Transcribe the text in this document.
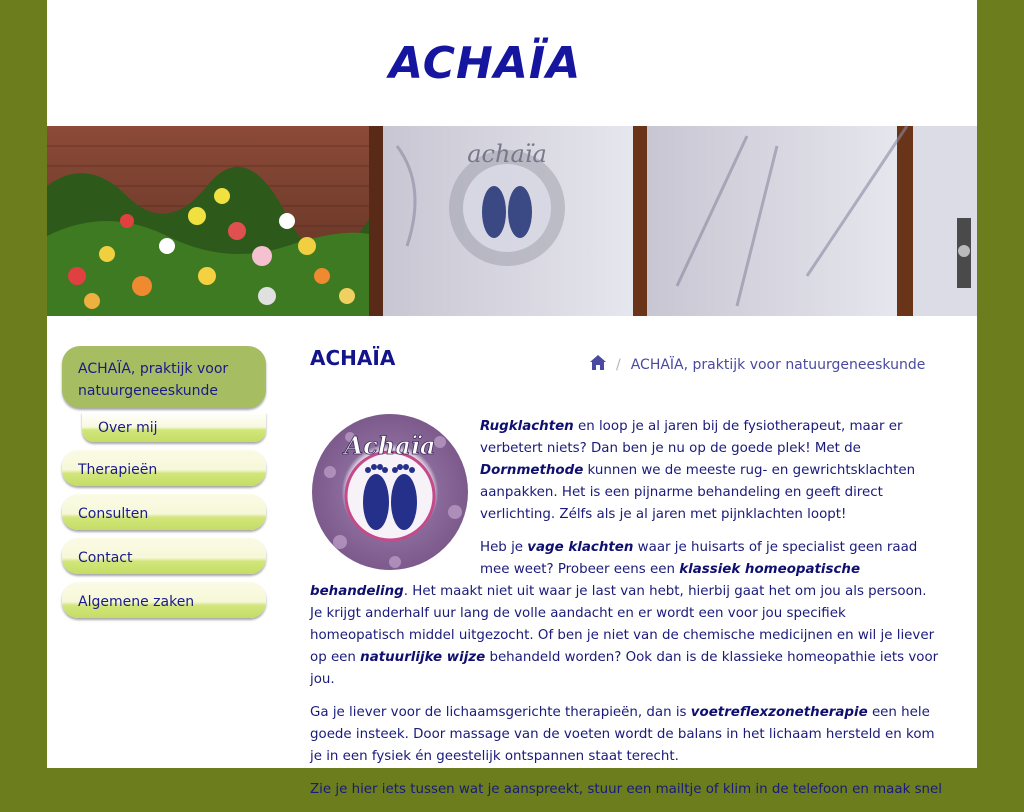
ACHAÏA
achaïa
ACHAÏA, praktijk voor natuurgeneeskunde
Over mij
Therapieën
Consulten
Contact
Algemene zaken
ACHAÏA	/ ACHAÏA, praktijk voor natuurgeneeskunde
Achaïa

Rugklachten en loop je al jaren bij de fysiotherapeut, maar er verbetert niets? Dan ben je nu op de goede plek! Met de Dornmethode kunnen we de meeste rug- en gewrichtsklachten aanpakken. Het is een pijnarme behandeling en geeft direct verlichting. Zélfs als je al jaren met pijnklachten loopt!

Heb je vage klachten waar je huisarts of je specialist geen raad mee weet? Probeer eens een klassiek homeopatische behandeling. Het maakt niet uit waar je last van hebt, hierbij gaat het om jou als persoon. Je krijgt anderhalf uur lang de volle aandacht en er wordt een voor jou specifiek homeopatisch middel uitgezocht. Of ben je niet van de chemische medicijnen en wil je liever op een natuurlijke wijze behandeld worden? Ook dan is de klassieke homeopathie iets voor jou.

Ga je liever voor de lichaamsgerichte therapieën, dan is voetreflexzonetherapie een hele goede insteek. Door massage van de voeten wordt de balans in het lichaam hersteld en kom je in een fysiek én geestelijk ontspannen staat terecht.

Zie je hier iets tussen wat je aanspreekt, stuur een mailtje of klim in de telefoon en maak snel
